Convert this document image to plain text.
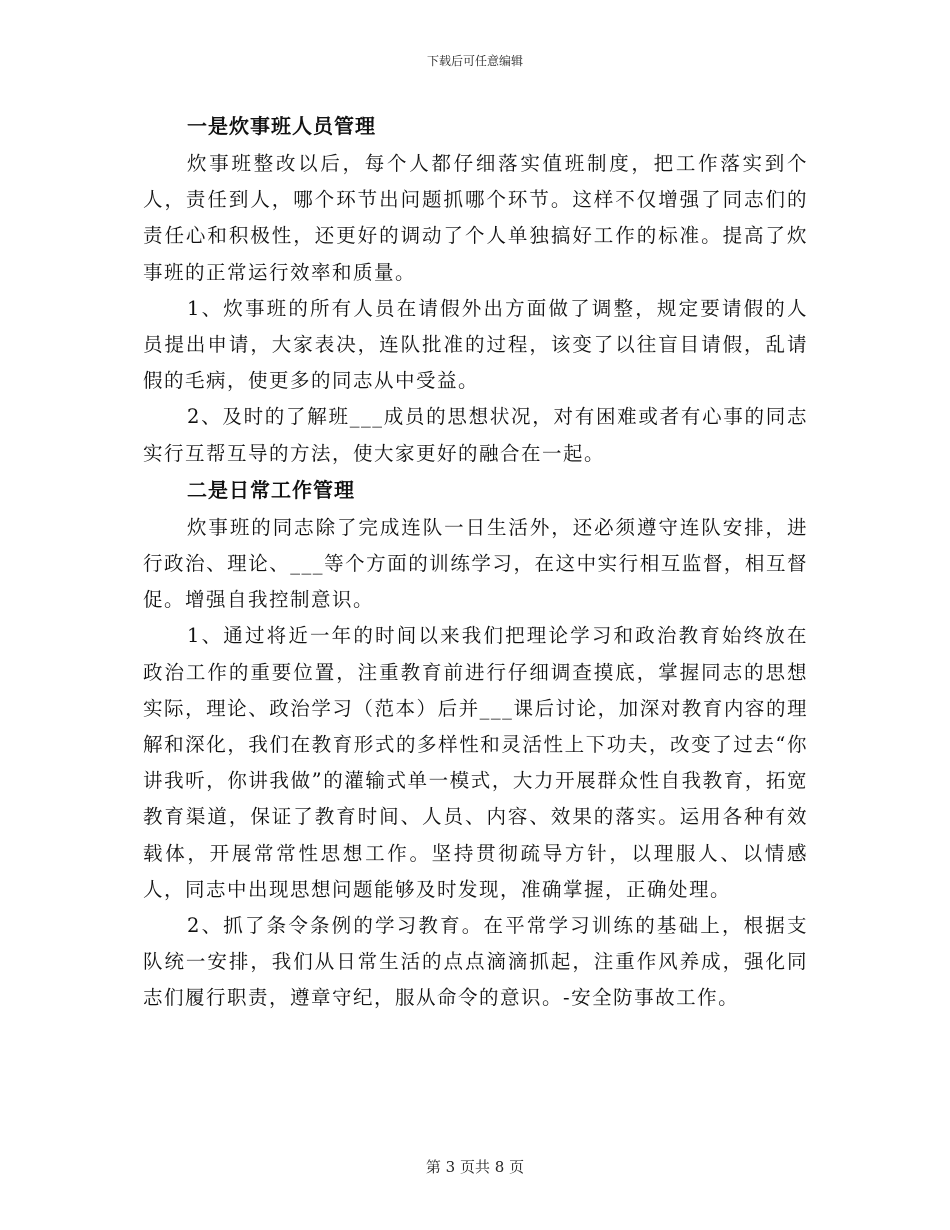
下载后可任意编辑
一是炊事班人员管理

炊事班整改以后，每个人都仔细落实值班制度，把工作落实到个人，责任到人，哪个环节出问题抓哪个环节。这样不仅增强了同志们的责任心和积极性，还更好的调动了个人单独搞好工作的标准。提高了炊事班的正常运行效率和质量。

1、炊事班的所有人员在请假外出方面做了调整，规定要请假的人员提出申请，大家表决，连队批准的过程，该变了以往盲目请假，乱请假的毛病，使更多的同志从中受益。

2、及时的了解班___成员的思想状况，对有困难或者有心事的同志实行互帮互导的方法，使大家更好的融合在一起。

二是日常工作管理

炊事班的同志除了完成连队一日生活外，还必须遵守连队安排，进行政治、理论、___等个方面的训练学习，在这中实行相互监督，相互督促。增强自我控制意识。

1、通过将近一年的时间以来我们把理论学习和政治教育始终放在政治工作的重要位置，注重教育前进行仔细调查摸底，掌握同志的思想实际，理论、政治学习（范本）后并___课后讨论，加深对教育内容的理解和深化，我们在教育形式的多样性和灵活性上下功夫，改变了过去“你讲我听，你讲我做”的灌输式单一模式，大力开展群众性自我教育，拓宽教育渠道，保证了教育时间、人员、内容、效果的落实。运用各种有效载体，开展常常性思想工作。坚持贯彻疏导方针，以理服人、以情感人，同志中出现思想问题能够及时发现，准确掌握，正确处理。

2、抓了条令条例的学习教育。在平常学习训练的基础上，根据支队统一安排，我们从日常生活的点点滴滴抓起，注重作风养成，强化同志们履行职责，遵章守纪，服从命令的意识。-安全防事故工作。

第 3 页共 8 页
